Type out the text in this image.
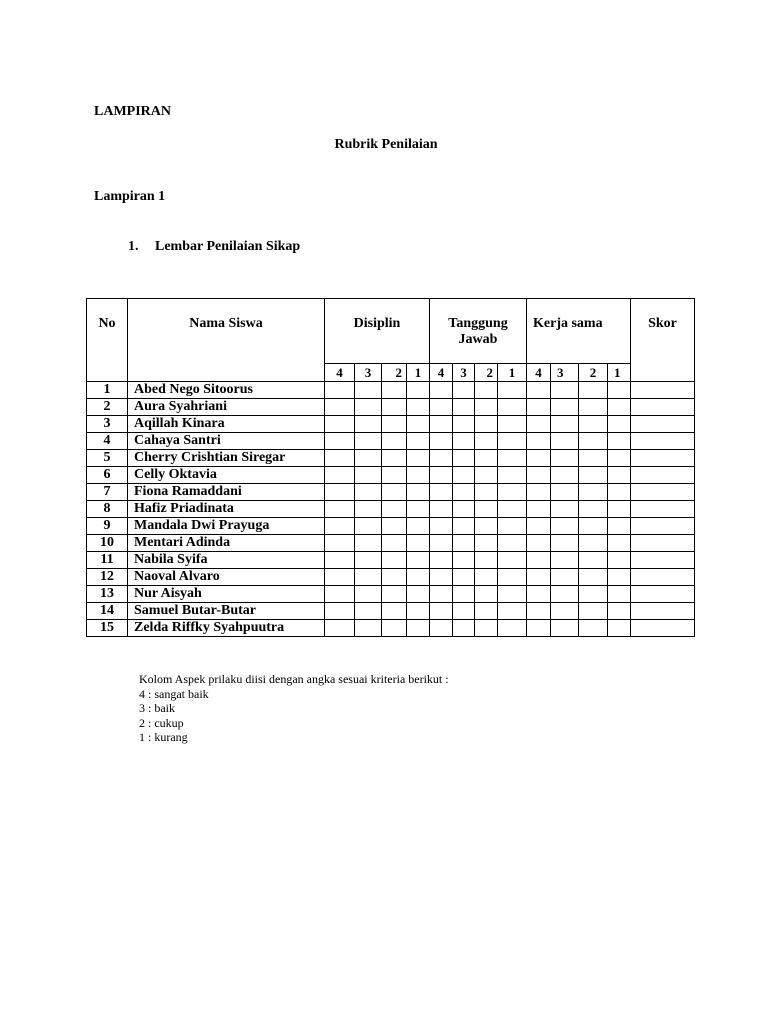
LAMPIRAN
Rubrik Penilaian
Lampiran 1
1. Lembar Penilaian Sikap
No	Nama Siswa	Disiplin				Tanggung Jawab				Kerja sama				Skor
		4	3	2	1	4	3	2	1	4	3	2	1	
1	Abed Nego Sitoorus													
2	Aura Syahriani													
3	Aqillah Kinara													
4	Cahaya Santri													
5	Cherry Crishtian Siregar													
6	Celly Oktavia													
7	Fiona Ramaddani													
8	Hafiz Priadinata													
9	Mandala Dwi Prayuga													
10	Mentari Adinda													
11	Nabila Syifa													
12	Naoval Alvaro													
13	Nur Aisyah													
14	Samuel Butar-Butar													
15	Zelda Riffky Syahpuutra													
Kolom Aspek prilaku diisi dengan angka sesuai kriteria berikut :
4 : sangat baik
3 : baik
2 : cukup
1 : kurang
